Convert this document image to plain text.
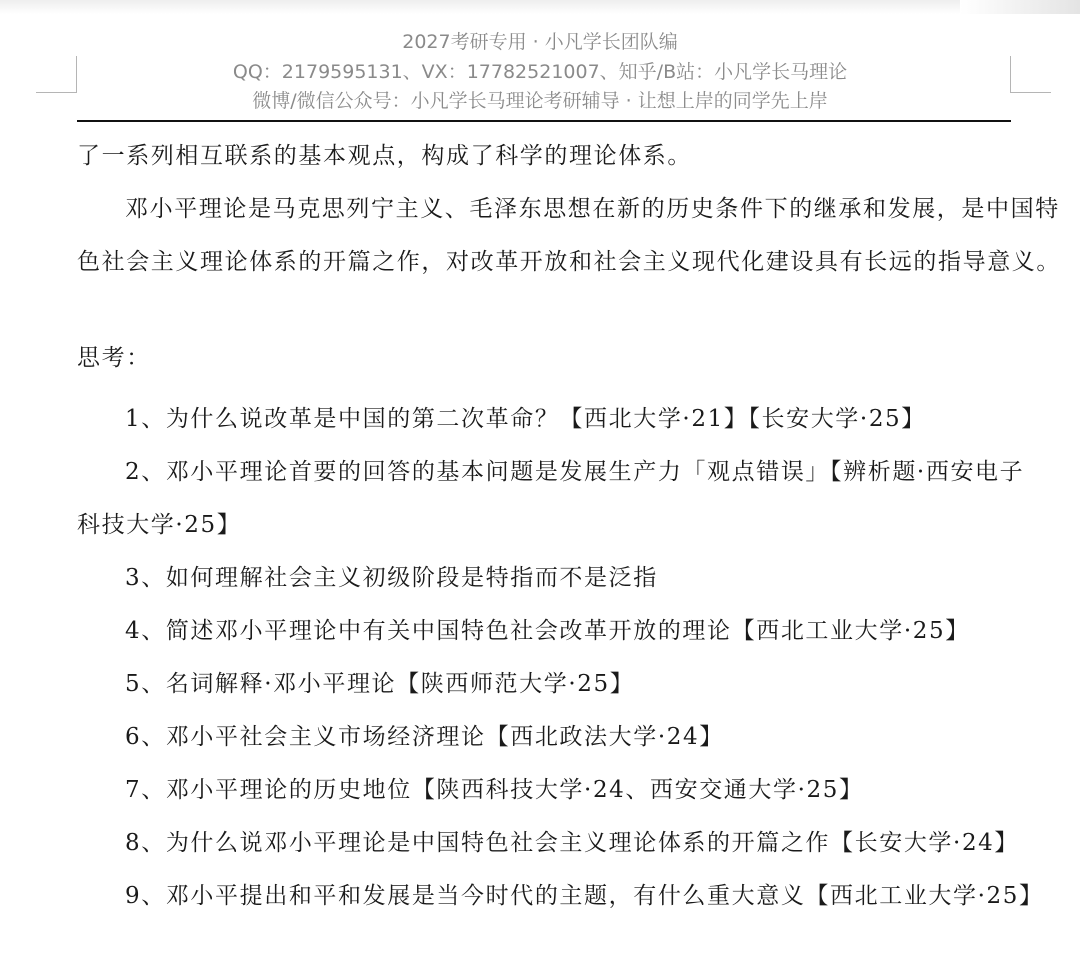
2027考研专用 · 小凡学长团队编
QQ：2179595131、VX：17782521007、知乎/B站：小凡学长马理论
微博/微信公众号：小凡学长马理论考研辅导 · 让想上岸的同学先上岸

了一系列相互联系的基本观点，构成了科学的理论体系。

邓小平理论是马克思列宁主义、毛泽东思想在新的历史条件下的继承和发展，是中国特

色社会主义理论体系的开篇之作，对改革开放和社会主义现代化建设具有长远的指导意义。

思考：

1、为什么说改革是中国的第二次革命？【西北大学·21】【长安大学·25】

2、邓小平理论首要的回答的基本问题是发展生产力「观点错误」【辨析题·西安电子

科技大学·25】

3、如何理解社会主义初级阶段是特指而不是泛指

4、简述邓小平理论中有关中国特色社会改革开放的理论【西北工业大学·25】

5、名词解释·邓小平理论【陕西师范大学·25】

6、邓小平社会主义市场经济理论【西北政法大学·24】

7、邓小平理论的历史地位【陕西科技大学·24、西安交通大学·25】

8、为什么说邓小平理论是中国特色社会主义理论体系的开篇之作【长安大学·24】

9、邓小平提出和平和发展是当今时代的主题，有什么重大意义【西北工业大学·25】
